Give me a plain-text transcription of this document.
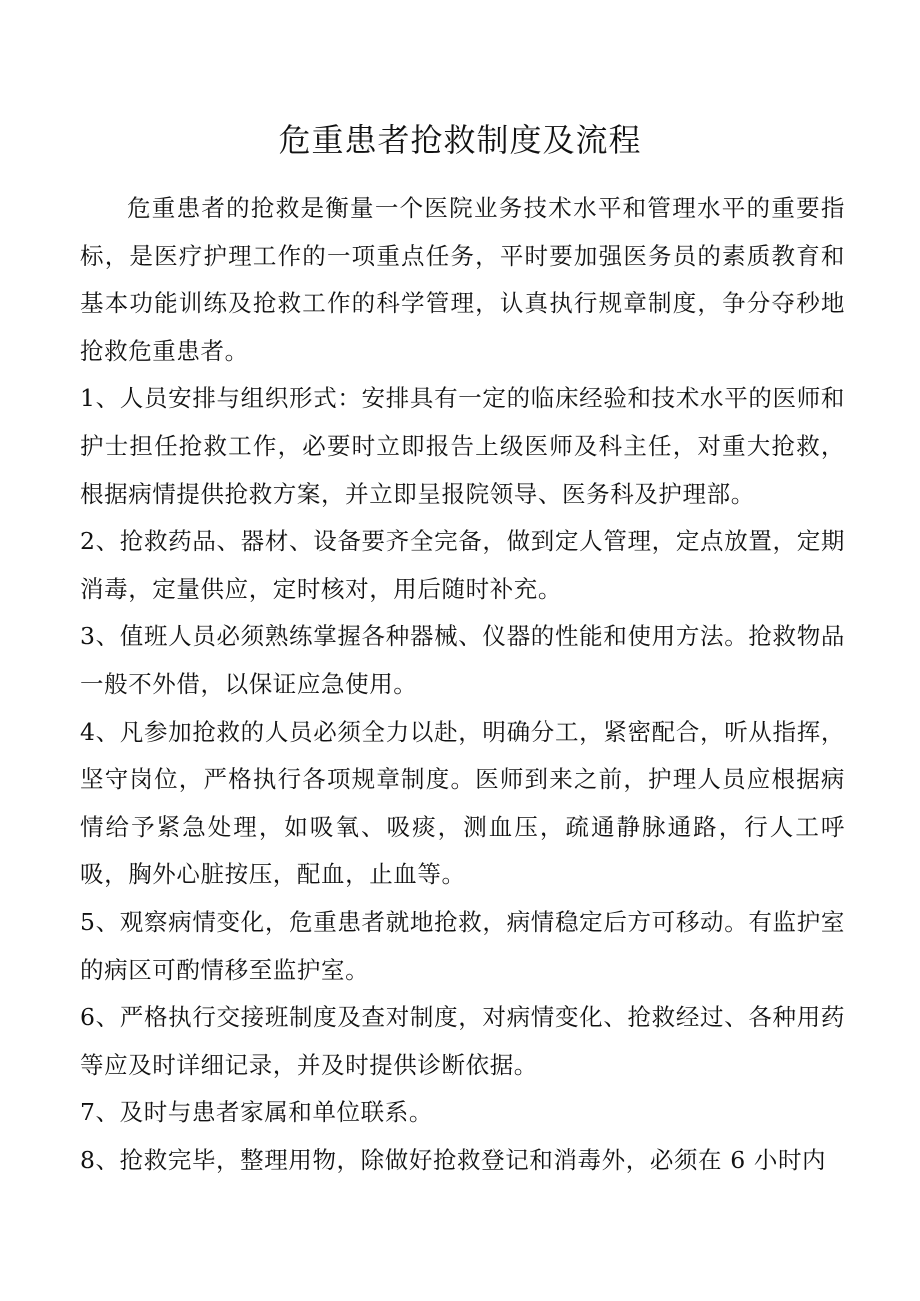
危重患者抢救制度及流程

危重患者的抢救是衡量一个医院业务技术水平和管理水平的重要指标，是医疗护理工作的一项重点任务，平时要加强医务员的素质教育和基本功能训练及抢救工作的科学管理，认真执行规章制度，争分夺秒地抢救危重患者。

1、人员安排与组织形式：安排具有一定的临床经验和技术水平的医师和护士担任抢救工作，必要时立即报告上级医师及科主任，对重大抢救，根据病情提供抢救方案，并立即呈报院领导、医务科及护理部。

2、抢救药品、器材、设备要齐全完备，做到定人管理，定点放置，定期消毒，定量供应，定时核对，用后随时补充。

3、值班人员必须熟练掌握各种器械、仪器的性能和使用方法。抢救物品一般不外借，以保证应急使用。

4、凡参加抢救的人员必须全力以赴，明确分工，紧密配合，听从指挥，坚守岗位，严格执行各项规章制度。医师到来之前，护理人员应根据病情给予紧急处理，如吸氧、吸痰，测血压，疏通静脉通路，行人工呼吸，胸外心脏按压，配血，止血等。

5、观察病情变化，危重患者就地抢救，病情稳定后方可移动。有监护室的病区可酌情移至监护室。

6、严格执行交接班制度及查对制度，对病情变化、抢救经过、各种用药等应及时详细记录，并及时提供诊断依据。

7、及时与患者家属和单位联系。

8、抢救完毕，整理用物，除做好抢救登记和消毒外，必须在 6 小时内
